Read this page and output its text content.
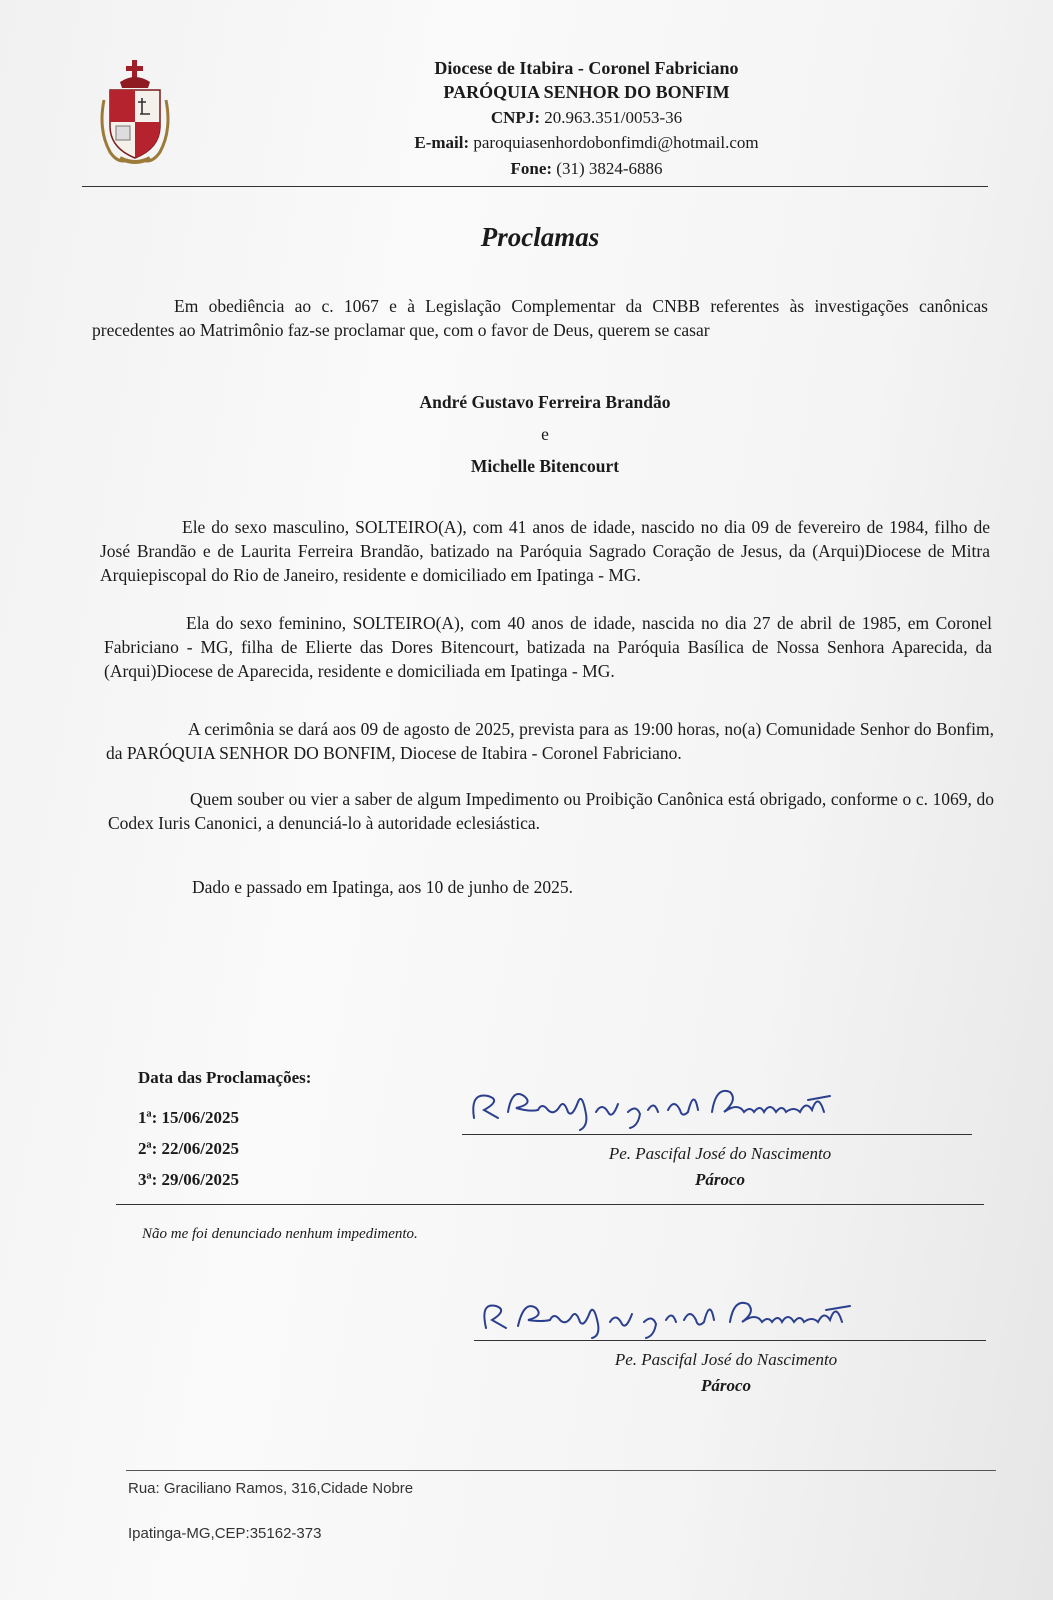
Diocese de Itabira - Coronel Fabriciano
PARÓQUIA SENHOR DO BONFIM
CNPJ: 20.963.351/0053-36
E-mail: paroquiasenhordobonfimdi@hotmail.com
Fone: (31) 3824-6886
Proclamas
Em obediência ao c. 1067 e à Legislação Complementar da CNBB referentes às investigações canônicas precedentes ao Matrimônio faz-se proclamar que, com o favor de Deus, querem se casar
André Gustavo Ferreira Brandão
e
Michelle Bitencourt
Ele do sexo masculino, SOLTEIRO(A), com 41 anos de idade, nascido no dia 09 de fevereiro de 1984, filho de José Brandão e de Laurita Ferreira Brandão, batizado na Paróquia Sagrado Coração de Jesus, da (Arqui)Diocese de Mitra Arquiepiscopal do Rio de Janeiro, residente e domiciliado em Ipatinga - MG.
Ela do sexo feminino, SOLTEIRO(A), com 40 anos de idade, nascida no dia 27 de abril de 1985, em Coronel Fabriciano - MG, filha de Elierte das Dores Bitencourt, batizada na Paróquia Basílica de Nossa Senhora Aparecida, da (Arqui)Diocese de Aparecida, residente e domiciliada em Ipatinga - MG.
A cerimônia se dará aos 09 de agosto de 2025, prevista para as 19:00 horas, no(a) Comunidade Senhor do Bonfim, da PARÓQUIA SENHOR DO BONFIM, Diocese de Itabira - Coronel Fabriciano.
Quem souber ou vier a saber de algum Impedimento ou Proibição Canônica está obrigado, conforme o c. 1069, do Codex Iuris Canonici, a denunciá-lo à autoridade eclesiástica.
Dado e passado em Ipatinga, aos 10 de junho de 2025.
Data das Proclamações:
1ª: 15/06/2025
2ª: 22/06/2025
3ª: 29/06/2025
Pe. Pascifal José do Nascimento
Pároco
Não me foi denunciado nenhum impedimento.
Pe. Pascifal José do Nascimento
Pároco
Rua: Graciliano Ramos, 316,Cidade Nobre
Ipatinga-MG,CEP:35162-373
